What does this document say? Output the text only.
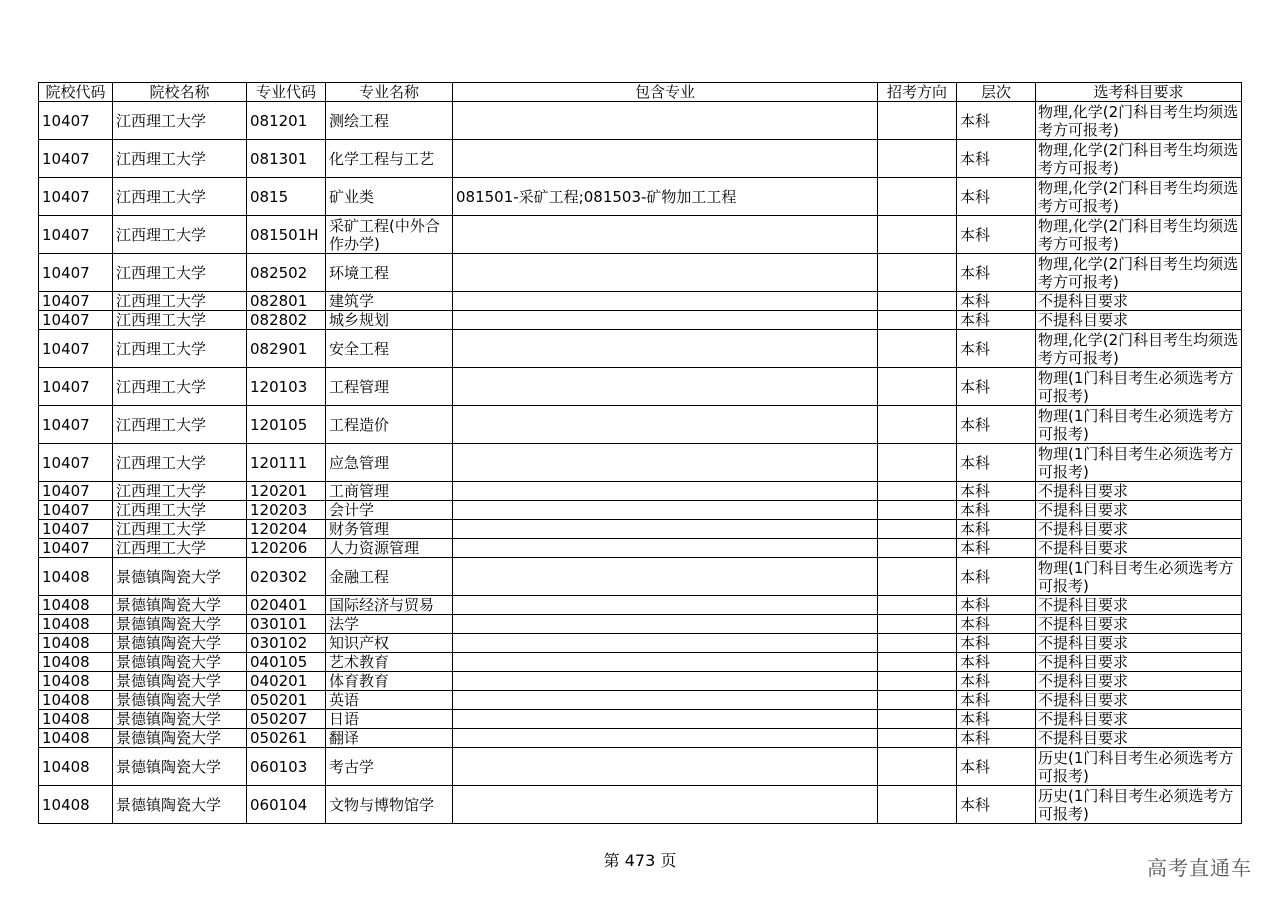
院校代码	院校名称	专业代码	专业名称	包含专业	招考方向	层次	选考科目要求
10407	江西理工大学	081201	测绘工程			本科	物理,化学(2门科目考生均须选考方可报考)
10407	江西理工大学	081301	化学工程与工艺			本科	物理,化学(2门科目考生均须选考方可报考)
10407	江西理工大学	0815	矿业类	081501-采矿工程;081503-矿物加工工程		本科	物理,化学(2门科目考生均须选考方可报考)
10407	江西理工大学	081501H	采矿工程(中外合作办学)			本科	物理,化学(2门科目考生均须选考方可报考)
10407	江西理工大学	082502	环境工程			本科	物理,化学(2门科目考生均须选考方可报考)
10407	江西理工大学	082801	建筑学			本科	不提科目要求
10407	江西理工大学	082802	城乡规划			本科	不提科目要求
10407	江西理工大学	082901	安全工程			本科	物理,化学(2门科目考生均须选考方可报考)
10407	江西理工大学	120103	工程管理			本科	物理(1门科目考生必须选考方可报考)
10407	江西理工大学	120105	工程造价			本科	物理(1门科目考生必须选考方可报考)
10407	江西理工大学	120111	应急管理			本科	物理(1门科目考生必须选考方可报考)
10407	江西理工大学	120201	工商管理			本科	不提科目要求
10407	江西理工大学	120203	会计学			本科	不提科目要求
10407	江西理工大学	120204	财务管理			本科	不提科目要求
10407	江西理工大学	120206	人力资源管理			本科	不提科目要求
10408	景德镇陶瓷大学	020302	金融工程			本科	物理(1门科目考生必须选考方可报考)
10408	景德镇陶瓷大学	020401	国际经济与贸易			本科	不提科目要求
10408	景德镇陶瓷大学	030101	法学			本科	不提科目要求
10408	景德镇陶瓷大学	030102	知识产权			本科	不提科目要求
10408	景德镇陶瓷大学	040105	艺术教育			本科	不提科目要求
10408	景德镇陶瓷大学	040201	体育教育			本科	不提科目要求
10408	景德镇陶瓷大学	050201	英语			本科	不提科目要求
10408	景德镇陶瓷大学	050207	日语			本科	不提科目要求
10408	景德镇陶瓷大学	050261	翻译			本科	不提科目要求
10408	景德镇陶瓷大学	060103	考古学			本科	历史(1门科目考生必须选考方可报考)
10408	景德镇陶瓷大学	060104	文物与博物馆学			本科	历史(1门科目考生必须选考方可报考)
第 473 页	高考直通车
